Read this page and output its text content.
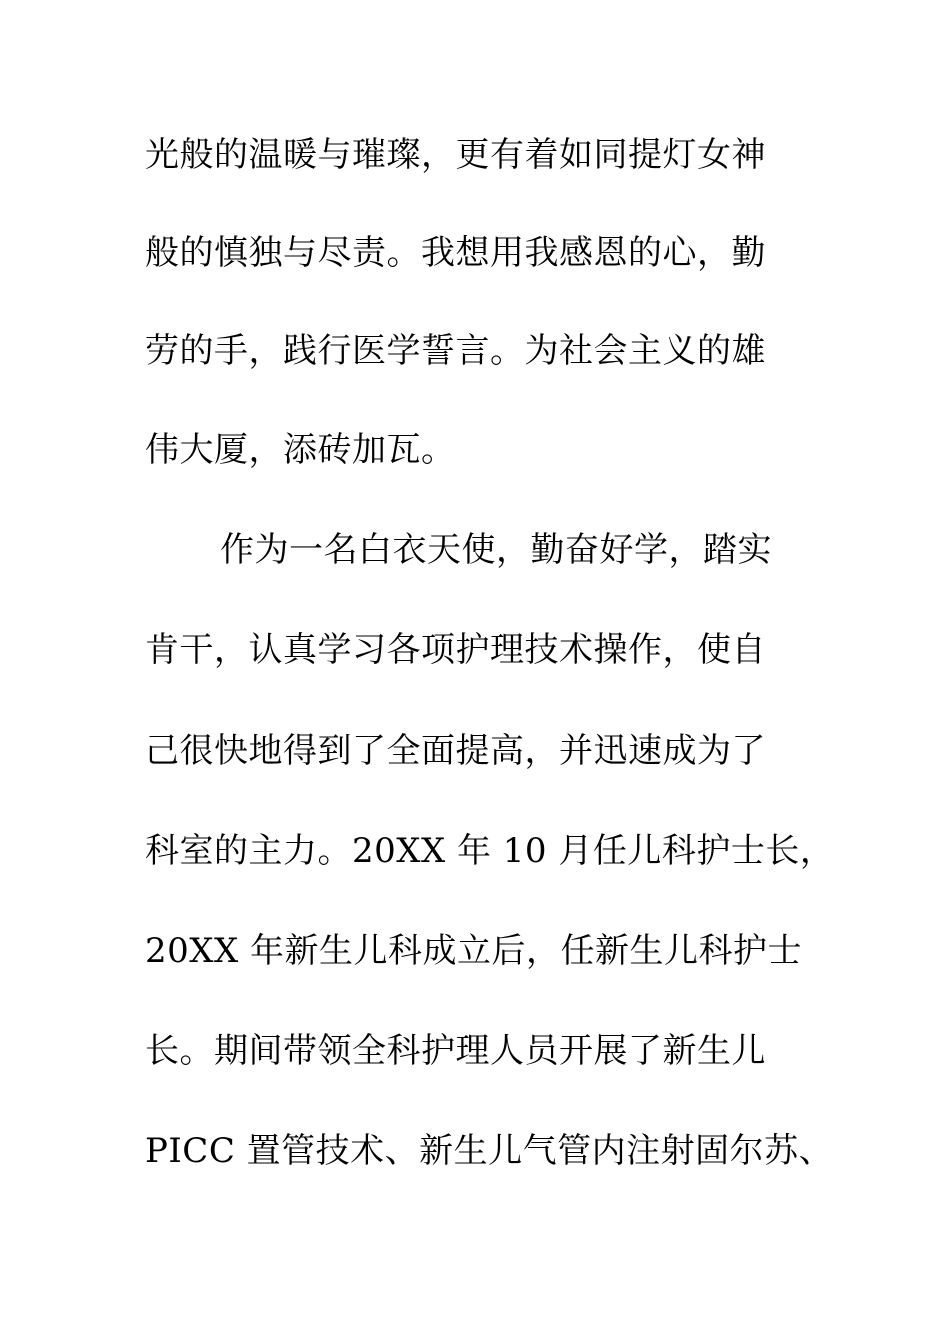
光般的温暖与璀璨，更有着如同提灯女神
般的慎独与尽责。我想用我感恩的心，勤
劳的手，践行医学誓言。为社会主义的雄
伟大厦，添砖加瓦。
作为一名白衣天使，勤奋好学，踏实
肯干，认真学习各项护理技术操作，使自
己很快地得到了全面提高，并迅速成为了
科室的主力。20XX 年 10 月任儿科护士长，
20XX 年新生儿科成立后，任新生儿科护士
长。期间带领全科护理人员开展了新生儿
PICC 置管技术、新生儿气管内注射固尔苏、
